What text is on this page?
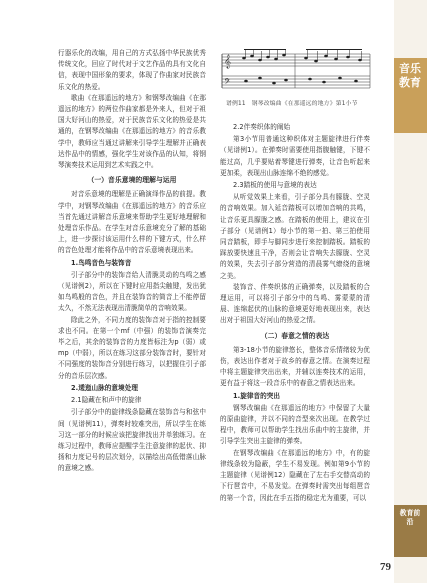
𝄞
𝄢
谱例11　钢琴改编曲《在那遥远的地方》第1小节

行器乐化的改编，用自己的方式弘扬中华民族优秀传统文化，回应了时代对于文艺作品的具有文化自信，表现中国形象的要求，体现了作曲家对民族音乐文化的热爱。

歌曲《在那遥远的地方》和钢琴改编曲《在那遥远的地方》的两位作曲家都是外来人，但对于祖国大好河山的热爱，对于民族音乐文化的热爱是共通的，在钢琴改编曲《在那遥远的地方》的音乐教学中，教师应当通过讲解来引导学生理解并正确表达作品中的情感，强化学生对该作品的认知，将钢琴演奏技术运用到艺术实践之中。

（一）音乐意境的理解与运用

对音乐意境的理解是正确演绎作品的前提。教学中，对钢琴改编曲《在那遥远的地方》的音乐应当首先通过讲解音乐意境来帮助学生更好地理解和处理音乐作品。在学生对音乐意境充分了解的基础上，进一步探讨该运用什么样的下键方式，什么样的音色处理才能将作品中的音乐意境表现出来。

1.鸟鸣音色与装饰音

引子部分中的装饰音给人清脆灵动的鸟鸣之感（见谱例2），所以在下键时应用指尖触键，发出犹如鸟鸣般的音色，并且在装饰音的简音上不能停留太久，不然无法表现出清脆简单的音响效果。

除此之外，不同力度的装饰音对于指的控制要求也不同。在第一个mf（中强）的装饰音演奏完毕之后，其余的装饰音的力度皆标注为p（弱）或mp（中弱），所以在练习这部分装饰音时，要针对不同强度的装饰音分别进行练习，以把握住引子部分的音乐层次感。

2.逶迤山脉的意境处理
2.1隐藏在和声中的旋律

引子部分中的旋律线条隐藏在装饰音与和弦中间（见谱例11），弹奏时较难突出，所以学生在练习这一部分的时候应该把旋律找出并单独练习。在练习过程中，教师应提醒学生注意旋律的起伏、抑扬和力度记号的层次划分，以描绘出高低错落山脉的意境之感。

2.2伴奏织体的阐始

第3小节用普通这种织体对主题旋律进行伴奏（见谱例1）。在弹奏时需要使用指腹触键，下键不能过高，几乎要贴着琴键进行弹奏，让音色听起来更加柔，表现出山脉连绵不绝的感觉。

2.3踏板的使用与意境的表达

从听觉效果上来看，引子部分具有朦胧、空灵的音响效果。加入延音踏板可以增加音响的共鸣，让音乐更具朦胧之感。在踏板的使用上，建议在引子部分（见谱例1）每小节的第一拍、第三拍使用同音踏板，即手与脚同步进行来控制踏板。踏板的踩放要快速且干净，否则会让音响失去朦胧、空灵的效果，失去引子部分营造的清晨雾气缭绕的意境之美。

装饰音、伴奏织体的正确弹奏，以及踏板的合理运用，可以将引子部分中的鸟鸣、雾蒙蒙的清晨、连绵起伏的山脉的意境更好地表现出来，表达出对于祖国大好河山的热爱之情。

（二）春意之情的表达

第3-18小节的旋律悠长，整体音乐情绪较为优伤，表达出作者对于故乡的春意之情。在演奏过程中将主题旋律突出出来，并辅以连奏技术的运用，更有益于将这一段音乐中的春意之情表达出来。

1.旋律音的突出

钢琴改编曲《在那遥远的地方》中保留了大量的原曲旋律，并以不同的音型来次出现。在教学过程中，教师可以帮助学生找出乐曲中的主旋律，并引导学生突出主旋律的弹奏。

在钢琴改编曲《在那遥远的地方》中，有的旋律线条较为隐蔽，学生不易发现。例如第9小节的主题旋律（见谱例12）隐藏在了左右手交替高动的下行琶音中，不易发觉。在弹奏时需突出每组琶音的第一个音，因此在手五指的稳定尤为重要，可以

音乐教育
教育前沿
79
